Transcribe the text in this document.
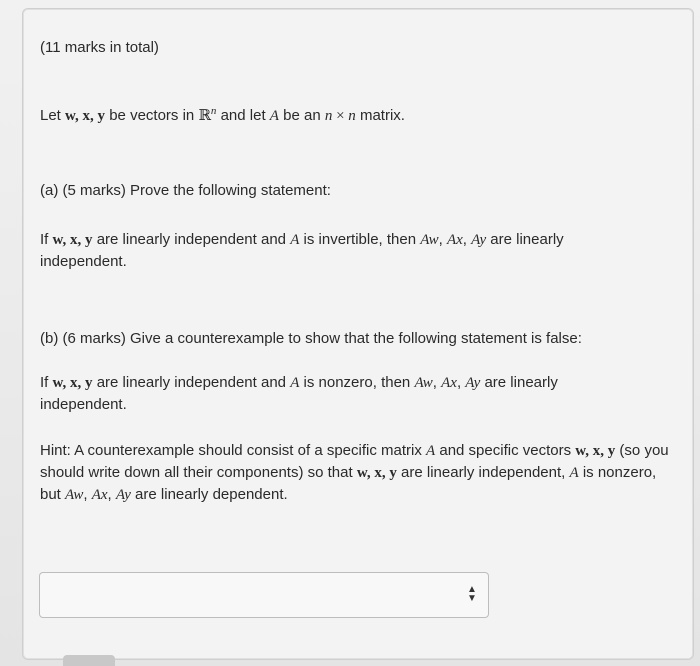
(11 marks in total)

Let w, x, y be vectors in ℝ$^n$ and let A be an n × n matrix.

(a) (5 marks) Prove the following statement:

If w, x, y are linearly independent and A is invertible, then Aw, Ax, Ay are linearly independent.

(b) (6 marks) Give a counterexample to show that the following statement is false:

If w, x, y are linearly independent and A is nonzero, then Aw, Ax, Ay are linearly independent.

Hint: A counterexample should consist of a specific matrix A and specific vectors w, x, y (so you should write down all their components) so that w, x, y are linearly independent, A is nonzero, but Aw, Ax, Ay are linearly dependent.

▲
▼
